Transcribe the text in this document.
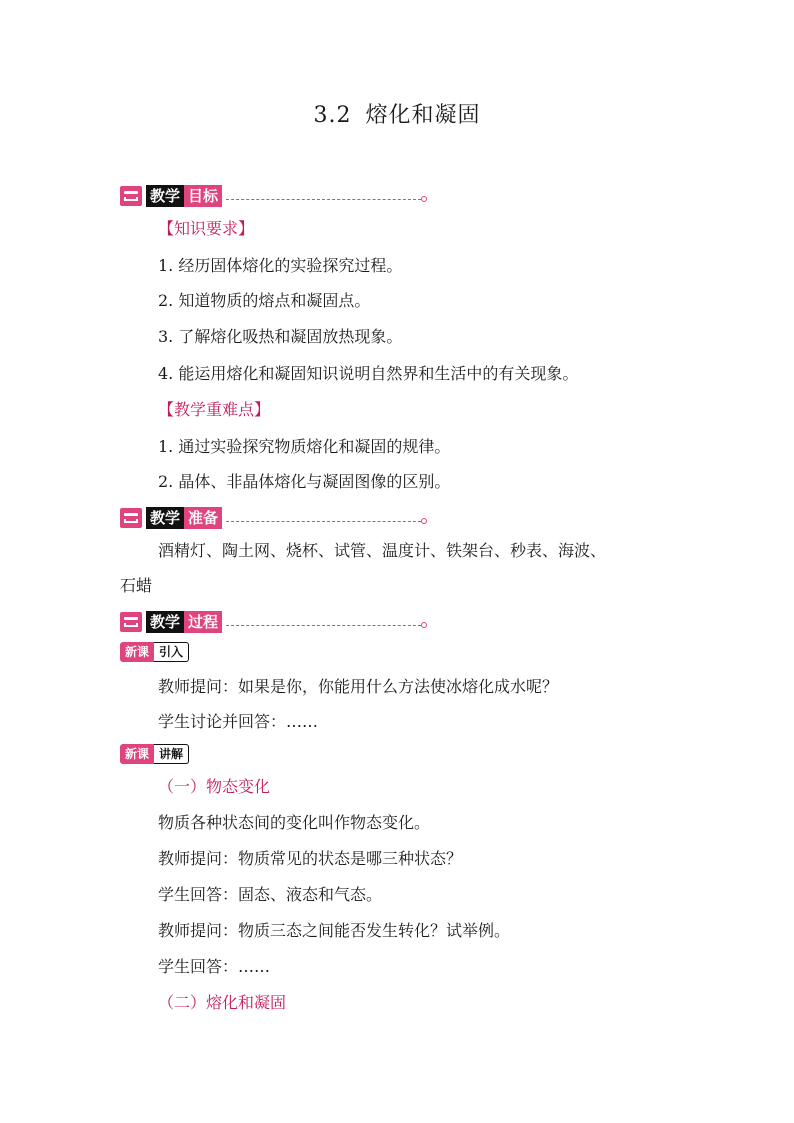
3.2 熔化和凝固
教学 目标
【知识要求】
1. 经历固体熔化的实验探究过程。
2. 知道物质的熔点和凝固点。
3. 了解熔化吸热和凝固放热现象。
4. 能运用熔化和凝固知识说明自然界和生活中的有关现象。
【教学重难点】
1. 通过实验探究物质熔化和凝固的规律。
2. 晶体、非晶体熔化与凝固图像的区别。
教学 准备
酒精灯、陶土网、烧杯、试管、温度计、铁架台、秒表、海波、
石蜡
教学 过程
新课 引入
教师提问：如果是你，你能用什么方法使冰熔化成水呢？
学生讨论并回答：……
新课 讲解
（一）物态变化
物质各种状态间的变化叫作物态变化。
教师提问：物质常见的状态是哪三种状态？
学生回答：固态、液态和气态。
教师提问：物质三态之间能否发生转化？试举例。
学生回答：……
（二）熔化和凝固
